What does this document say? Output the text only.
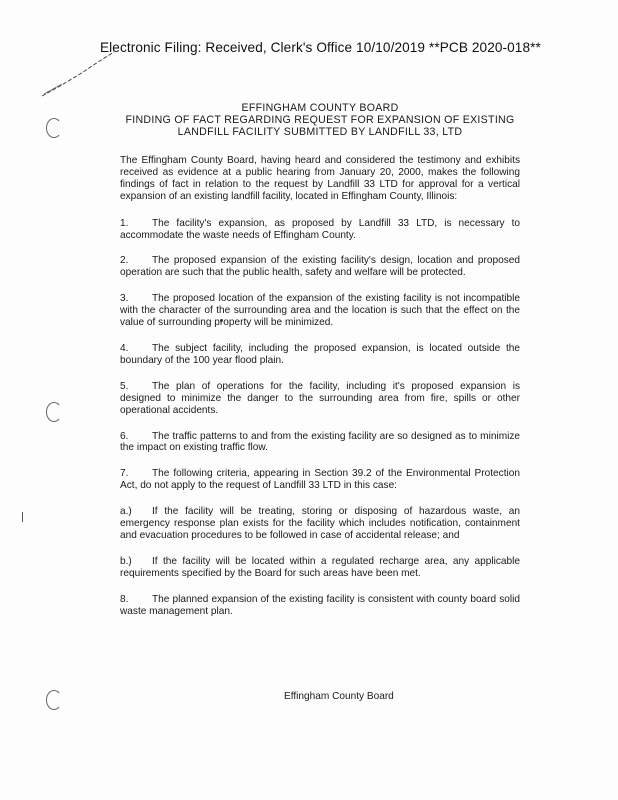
Electronic Filing: Received, Clerk's Office 10/10/2019 **PCB 2020-018**
EFFINGHAM COUNTY BOARD
FINDING OF FACT REGARDING REQUEST FOR EXPANSION OF EXISTING
LANDFILL FACILITY SUBMITTED BY LANDFILL 33, LTD

The Effingham County Board, having heard and considered the testimony and exhibits received as evidence at a public hearing from January 20, 2000, makes the following findings of fact in relation to the request by Landfill 33 LTD for approval for a vertical expansion of an existing landfill facility, located in Effingham County, Illinois:

1. The facility's expansion, as proposed by Landfill 33 LTD, is necessary to accommodate the waste needs of Effingham County.

2. The proposed expansion of the existing facility's design, location and proposed operation are such that the public health, safety and welfare will be protected.

3. The proposed location of the expansion of the existing facility is not incompatible with the character of the surrounding area and the location is such that the effect on the value of surrounding property will be minimized.

4. The subject facility, including the proposed expansion, is located outside the boundary of the 100 year flood plain.

5. The plan of operations for the facility, including it's proposed expansion is designed to minimize the danger to the surrounding area from fire, spills or other operational accidents.

6. The traffic patterns to and from the existing facility are so designed as to minimize the impact on existing traffic flow.

7. The following criteria, appearing in Section 39.2 of the Environmental Protection Act, do not apply to the request of Landfill 33 LTD in this case:

a.) If the facility will be treating, storing or disposing of hazardous waste, an emergency response plan exists for the facility which includes notification, containment and evacuation procedures to be followed in case of accidental release; and

b.) If the facility will be located within a regulated recharge area, any applicable requirements specified by the Board for such areas have been met.

8. The planned expansion of the existing facility is consistent with county board solid waste management plan.

Effingham County Board
